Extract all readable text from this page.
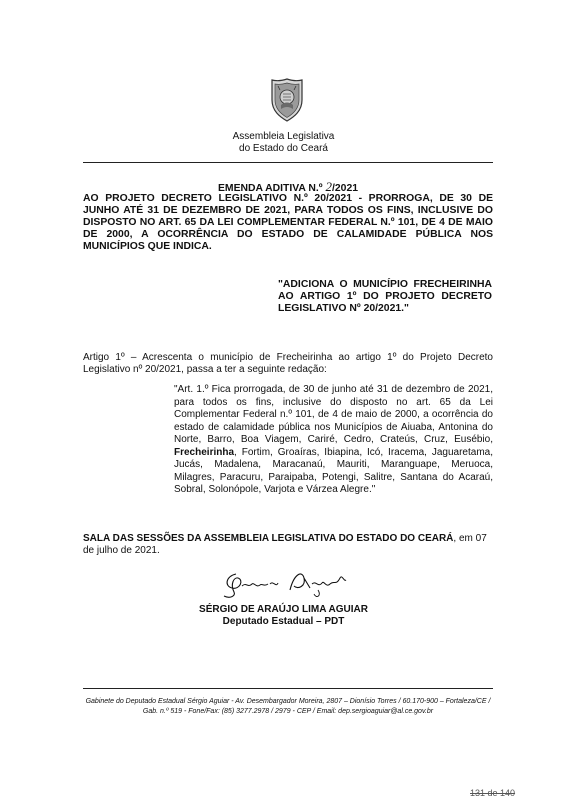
Assembleia Legislativa
do Estado do Ceará
EMENDA ADITIVA N.º 2/2021
AO PROJETO DECRETO LEGISLATIVO N.º 20/2021 - PRORROGA, DE 30 DE JUNHO ATÉ 31 DE DEZEMBRO DE 2021, PARA TODOS OS FINS, INCLUSIVE DO DISPOSTO NO ART. 65 DA LEI COMPLEMENTAR FEDERAL N.º 101, DE 4 DE MAIO DE 2000, A OCORRÊNCIA DO ESTADO DE CALAMIDADE PÚBLICA NOS MUNICÍPIOS QUE INDICA.
"ADICIONA O MUNICÍPIO FRECHEIRINHA AO ARTIGO 1º DO PROJETO DECRETO LEGISLATIVO Nº 20/2021."
Artigo 1º – Acrescenta o município de Frecheirinha ao artigo 1º do Projeto Decreto Legislativo nº 20/2021, passa a ter a seguinte redação:
"Art. 1.º Fica prorrogada, de 30 de junho até 31 de dezembro de 2021, para todos os fins, inclusive do disposto no art. 65 da Lei Complementar Federal n.º 101, de 4 de maio de 2000, a ocorrência do estado de calamidade pública nos Municípios de Aiuaba, Antonina do Norte, Barro, Boa Viagem, Cariré, Cedro, Crateús, Cruz, Eusébio, Frecheirinha, Fortim, Groaíras, Ibiapina, Icó, Iracema, Jaguaretama, Jucás, Madalena, Maracanaú, Mauriti, Maranguape, Meruoca, Milagres, Paracuru, Paraipaba, Potengi, Salitre, Santana do Acaraú, Sobral, Solonópole, Varjota e Várzea Alegre."
SALA DAS SESSÕES DA ASSEMBLEIA LEGISLATIVA DO ESTADO DO CEARÁ, em 07 de julho de 2021.
SÉRGIO DE ARAÚJO LIMA AGUIAR
Deputado Estadual – PDT
Gabinete do Deputado Estadual Sérgio Aguiar - Av. Desembargador Moreira, 2807 – Dionísio Torres / 60.170-900 – Fortaleza/CE / Gab. n.º 519 - Fone/Fax: (85) 3277.2978 / 2979 - CEP / Email: dep.sergioaguiar@al.ce.gov.br
131 de 140
